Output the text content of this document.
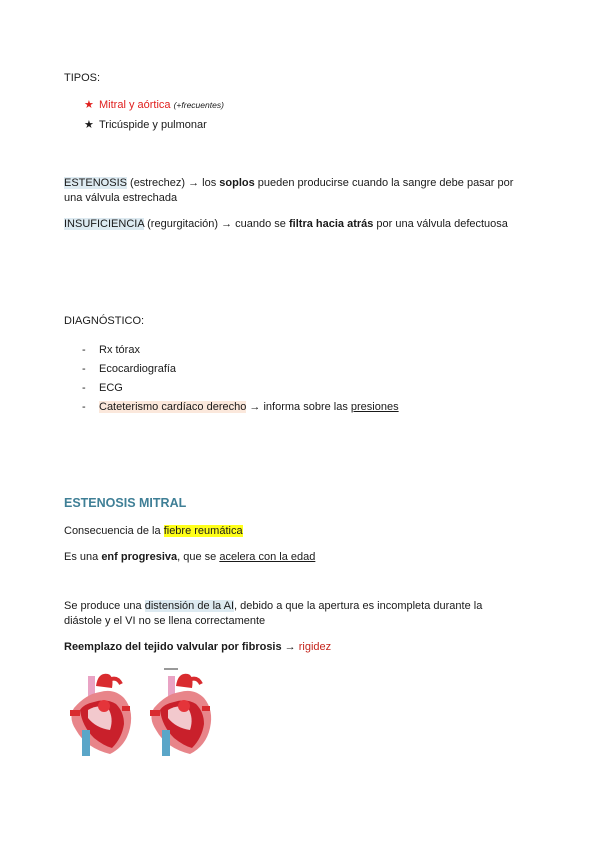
TIPOS:
★ Mitral y aórtica (+frecuentes)
★ Tricúspide y pulmonar
ESTENOSIS (estrechez) → los soplos pueden producirse cuando la sangre debe pasar por
una válvula estrechada
INSUFICIENCIA (regurgitación) → cuando se filtra hacia atrás por una válvula defectuosa
DIAGNÓSTICO:
- Rx tórax
- Ecocardiografía
- ECG
- Cateterismo cardíaco derecho → informa sobre las presiones
ESTENOSIS MITRAL
Consecuencia de la fiebre reumática
Es una enf progresiva, que se acelera con la edad
Se produce una distensión de la AI, debido a que la apertura es incompleta durante la
diástole y el VI no se llena correctamente
Reemplazo del tejido valvular por fibrosis → rigidez
